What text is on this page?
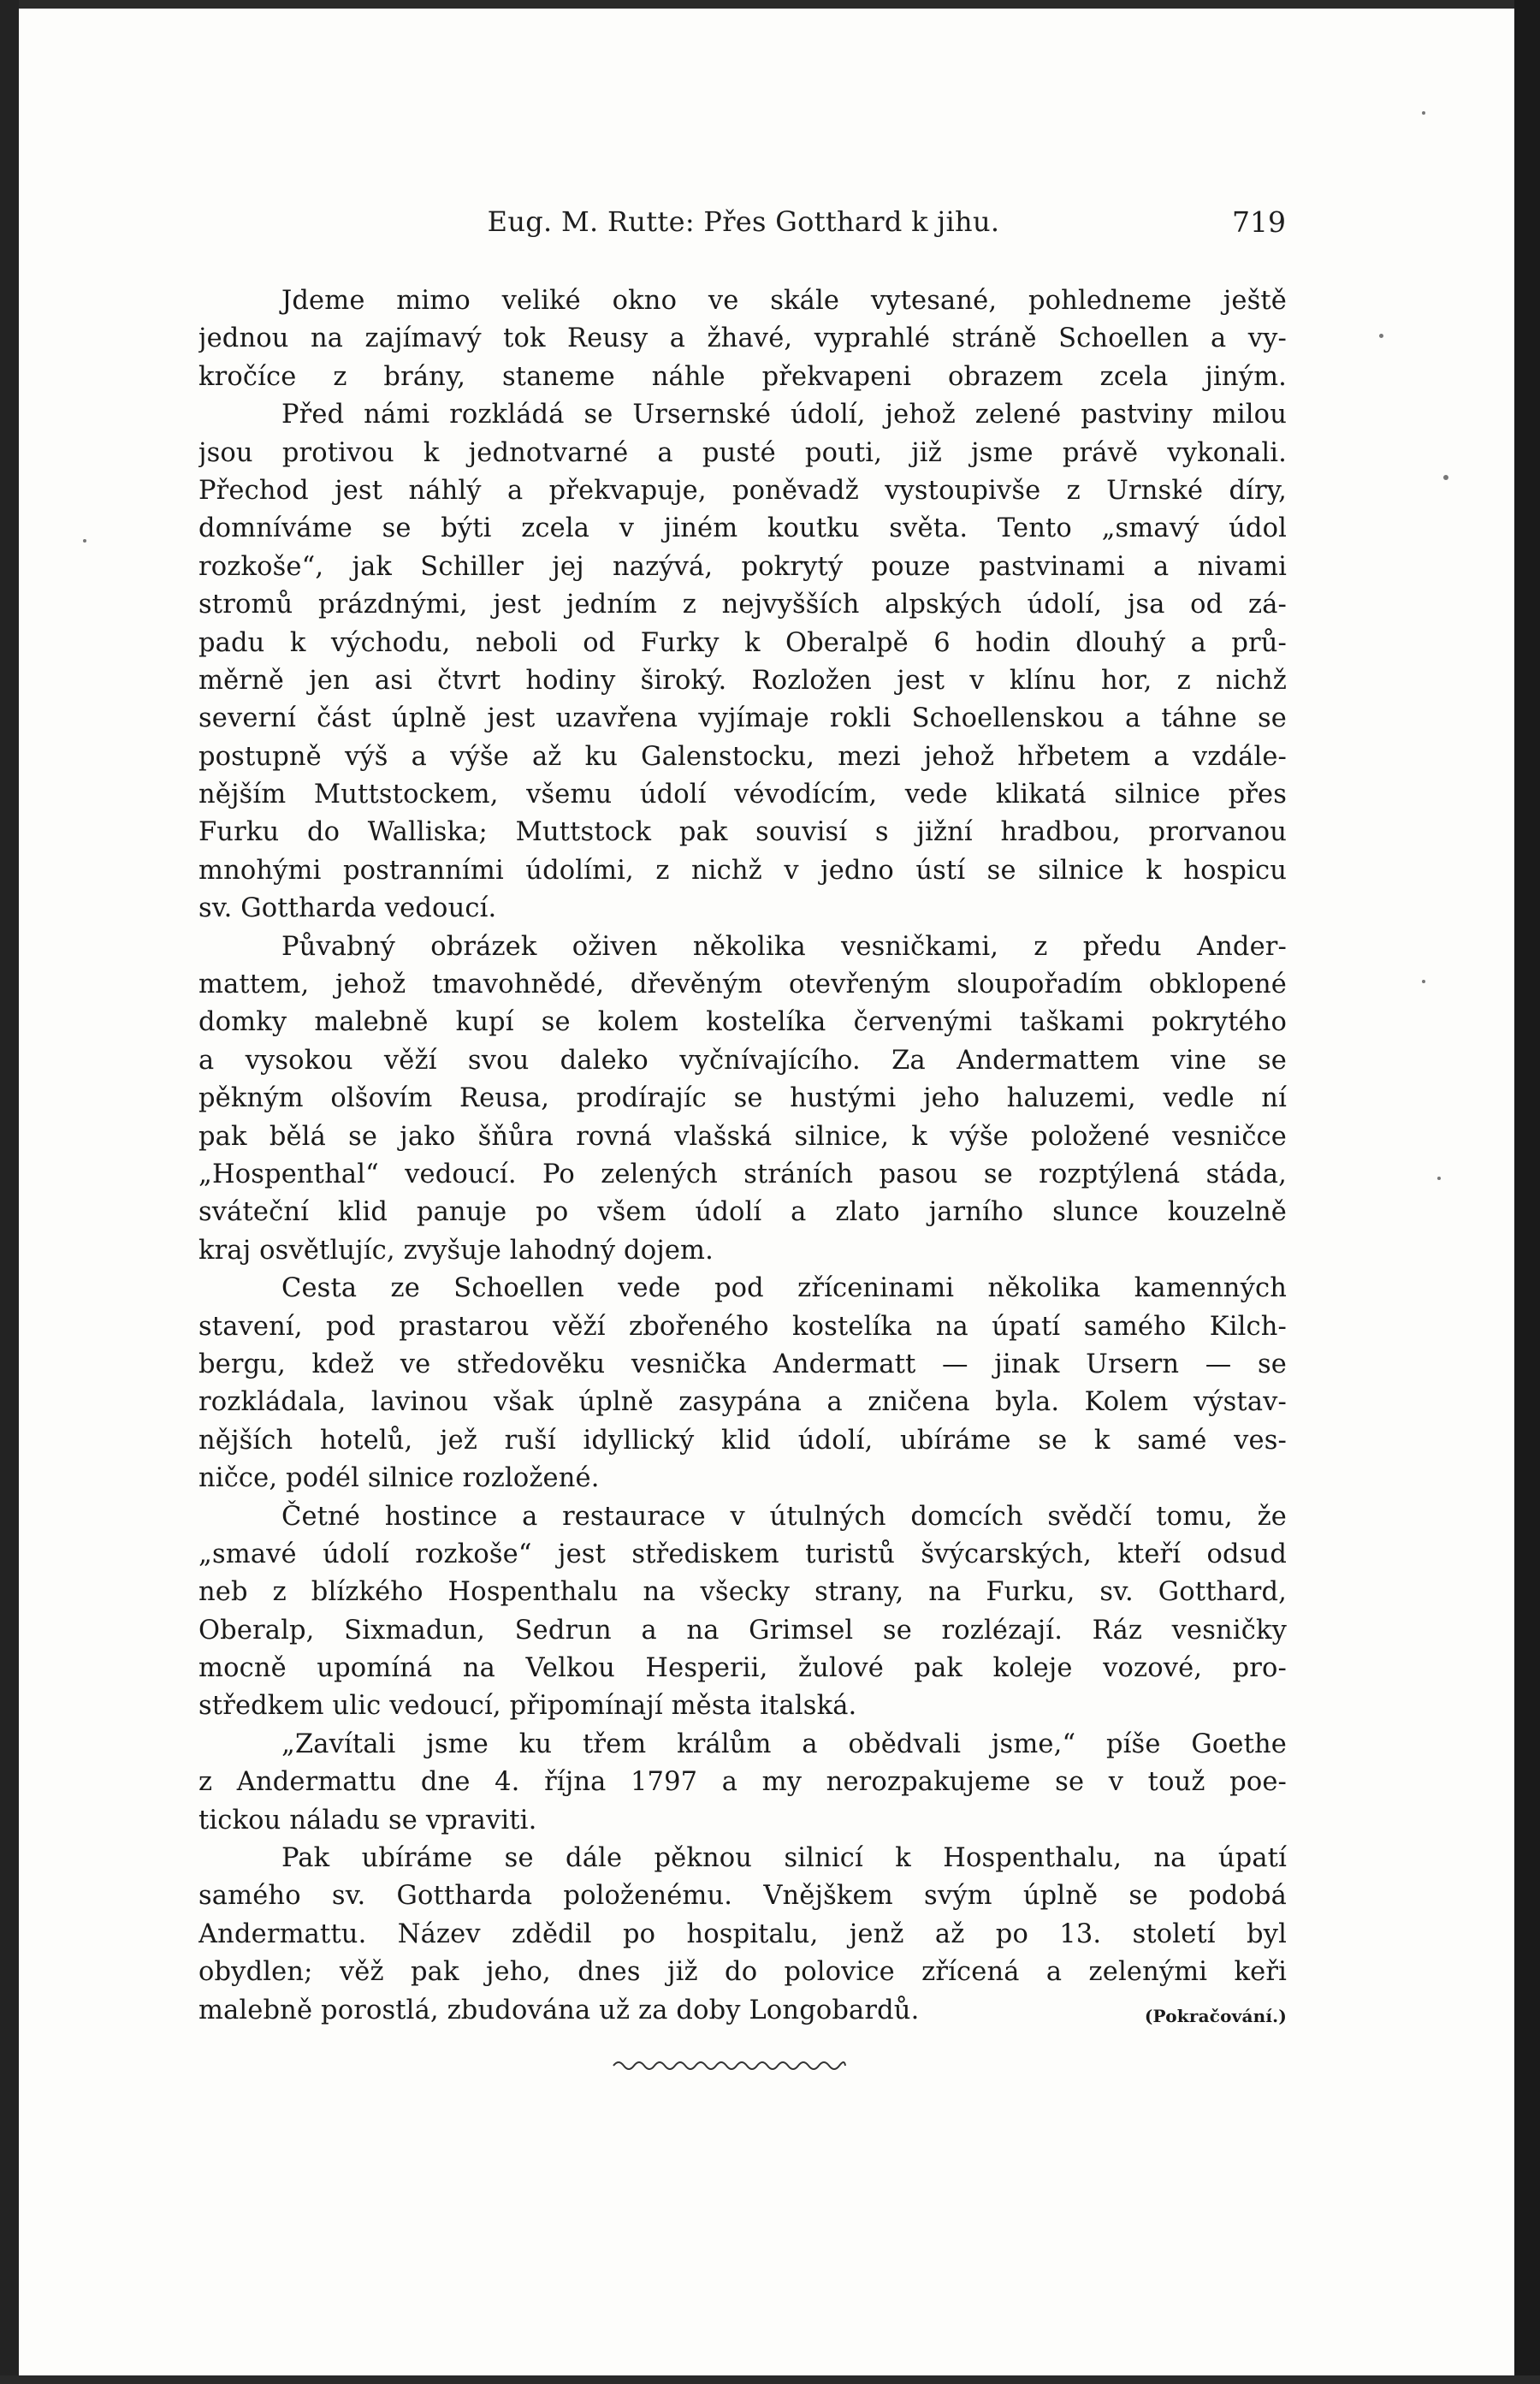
Eug. M. Rutte: Přes Gotthard k jihu.	719
Jdeme mimo veliké okno ve skále vytesané, pohledneme ještě
jednou na zajímavý tok Reusy a žhavé, vyprahlé stráně Schoellen a vy-
kročíce z brány, staneme náhle překvapeni obrazem zcela jiným.
Před námi rozkládá se Ursernské údolí, jehož zelené pastviny milou
jsou protivou k jednotvarné a pusté pouti, již jsme právě vykonali.
Přechod jest náhlý a překvapuje, poněvadž vystoupivše z Urnské díry,
domníváme se býti zcela v jiném koutku světa. Tento „smavý údol
rozkoše“, jak Schiller jej nazývá, pokrytý pouze pastvinami a nivami
stromů prázdnými, jest jedním z nejvyšších alpských údolí, jsa od zá-
padu k východu, neboli od Furky k Oberalpě 6 hodin dlouhý a prů-
měrně jen asi čtvrt hodiny široký. Rozložen jest v klínu hor, z nichž
severní část úplně jest uzavřena vyjímaje rokli Schoellenskou a táhne se
postupně výš a výše až ku Galenstocku, mezi jehož hřbetem a vzdále-
nějším Muttstockem, všemu údolí vévodícím, vede klikatá silnice přes
Furku do Walliska; Muttstock pak souvisí s jižní hradbou, prorvanou
mnohými postranními údolími, z nichž v jedno ústí se silnice k hospicu
sv. Gottharda vedoucí.
Půvabný obrázek oživen několika vesničkami, z předu Ander-
mattem, jehož tmavohnědé, dřevěným otevřeným sloupořadím obklopené
domky malebně kupí se kolem kostelíka červenými taškami pokrytého
a vysokou věží svou daleko vyčnívajícího. Za Andermattem vine se
pěkným olšovím Reusa, prodírajíc se hustými jeho haluzemi, vedle ní
pak bělá se jako šňůra rovná vlašská silnice, k výše položené vesničce
„Hospenthal“ vedoucí. Po zelených stráních pasou se rozptýlená stáda,
sváteční klid panuje po všem údolí a zlato jarního slunce kouzelně
kraj osvětlujíc, zvyšuje lahodný dojem.
Cesta ze Schoellen vede pod zříceninami několika kamenných
stavení, pod prastarou věží zbořeného kostelíka na úpatí samého Kilch-
bergu, kdež ve středověku vesnička Andermatt — jinak Ursern — se
rozkládala, lavinou však úplně zasypána a zničena byla. Kolem výstav-
nějších hotelů, jež ruší idyllický klid údolí, ubíráme se k samé ves-
ničce, podél silnice rozložené.
Četné hostince a restaurace v útulných domcích svědčí tomu, že
„smavé údolí rozkoše“ jest střediskem turistů švýcarských, kteří odsud
neb z blízkého Hospenthalu na všecky strany, na Furku, sv. Gotthard,
Oberalp, Sixmadun, Sedrun a na Grimsel se rozlézají. Ráz vesničky
mocně upomíná na Velkou Hesperii, žulové pak koleje vozové, pro-
středkem ulic vedoucí, připomínají města italská.
„Zavítali jsme ku třem králům a obědvali jsme,“ píše Goethe
z Andermattu dne 4. října 1797 a my nerozpakujeme se v touž poe-
tickou náladu se vpraviti.
Pak ubíráme se dále pěknou silnicí k Hospenthalu, na úpatí
samého sv. Gottharda položenému. Vnějškem svým úplně se podobá
Andermattu. Název zdědil po hospitalu, jenž až po 13. století byl
obydlen; věž pak jeho, dnes již do polovice zřícená a zelenými keři
malebně porostlá, zbudována už za doby Longobardů.	(Pokračování.)
